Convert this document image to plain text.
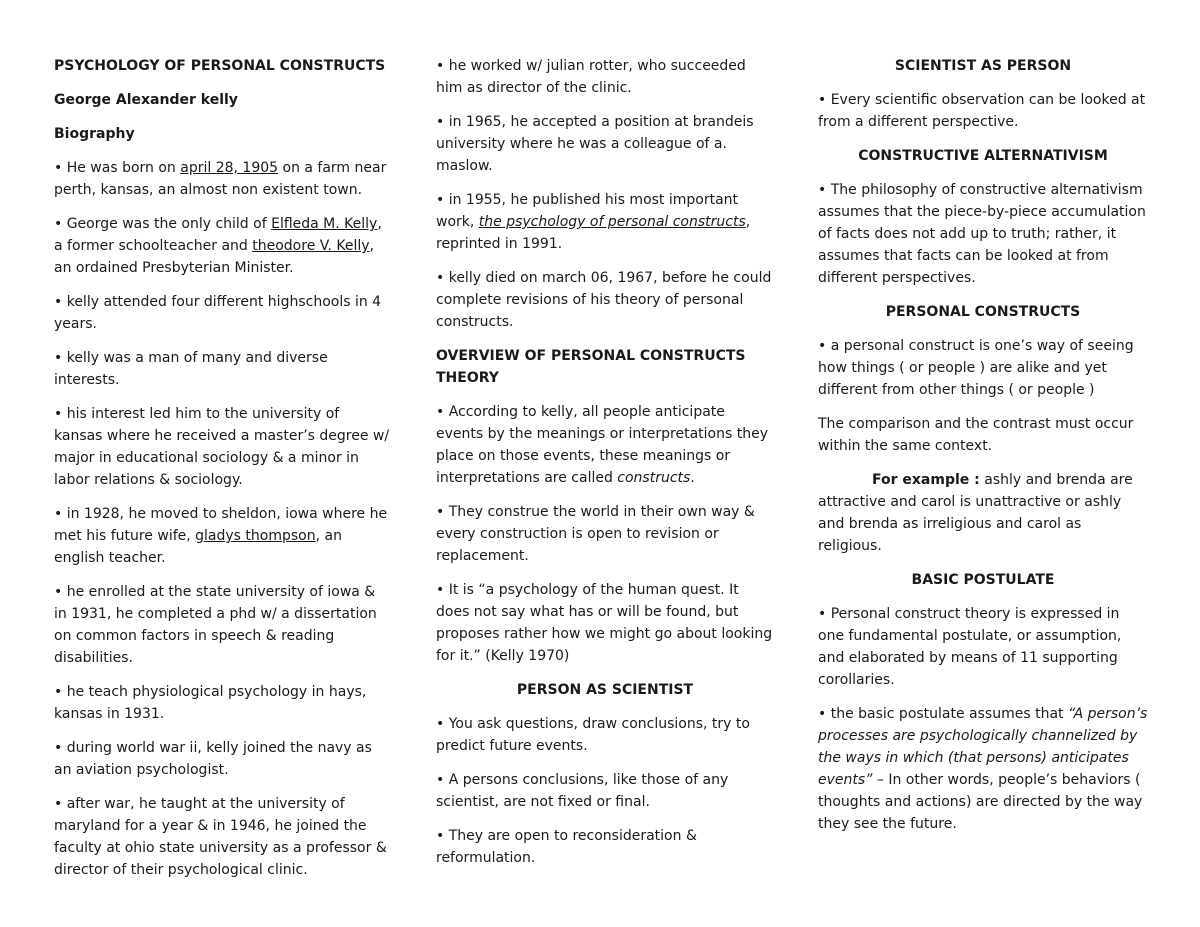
PSYCHOLOGY OF PERSONAL CONSTRUCTS

George Alexander kelly

Biography

• He was born on april 28, 1905 on a farm near perth, kansas, an almost non existent town.

• George was the only child of Elfleda M. Kelly, a former schoolteacher and theodore V. Kelly, an ordained Presbyterian Minister.

• kelly attended four different highschools in 4 years.

• kelly was a man of many and diverse interests.

• his interest led him to the university of kansas where he received a master’s degree w/ major in educational sociology & a minor in labor relations & sociology.

• in 1928, he moved to sheldon, iowa where he met his future wife, gladys thompson, an english teacher.

• he enrolled at the state university of iowa & in 1931, he completed a phd w/ a dissertation on common factors in speech & reading disabilities.

• he teach physiological psychology in hays, kansas in 1931.

• during world war ii, kelly joined the navy as an aviation psychologist.

• after war, he taught at the university of maryland for a year & in 1946, he joined the faculty at ohio state university as a professor & director of their psychological clinic.

• he worked w/ julian rotter, who succeeded him as director of the clinic.

• in 1965, he accepted a position at brandeis university where he was a colleague of a. maslow.

• in 1955, he published his most important work, the psychology of personal constructs, reprinted in 1991.

• kelly died on march 06, 1967, before he could complete revisions of his theory of personal constructs.

OVERVIEW OF PERSONAL CONSTRUCTS THEORY

• According to kelly, all people anticipate events by the meanings or interpretations they place on those events, these meanings or interpretations are called constructs.

• They construe the world in their own way & every construction is open to revision or replacement.

• It is “a psychology of the human quest. It does not say what has or will be found, but proposes rather how we might go about looking for it.” (Kelly 1970)

PERSON AS SCIENTIST

• You ask questions, draw conclusions, try to predict future events.

• A persons conclusions, like those of any scientist, are not fixed or final.

• They are open to reconsideration & reformulation.

SCIENTIST AS PERSON

• Every scientific observation can be looked at from a different perspective.

CONSTRUCTIVE ALTERNATIVISM

• The philosophy of constructive alternativism assumes that the piece-by-piece accumulation of facts does not add up to truth; rather, it assumes that facts can be looked at from different perspectives.

PERSONAL CONSTRUCTS

• a personal construct is one’s way of seeing how things ( or people ) are alike and yet different from other things ( or people )

The comparison and the contrast must occur within the same context.

For example : ashly and brenda are attractive and carol is unattractive or ashly and brenda as irreligious and carol as religious.

BASIC POSTULATE

• Personal construct theory is expressed in one fundamental postulate, or assumption, and elaborated by means of 11 supporting corollaries.

• the basic postulate assumes that “A person’s processes are psychologically channelized by the ways in which (that persons) anticipates events” – In other words, people’s behaviors ( thoughts and actions) are directed by the way they see the future.
